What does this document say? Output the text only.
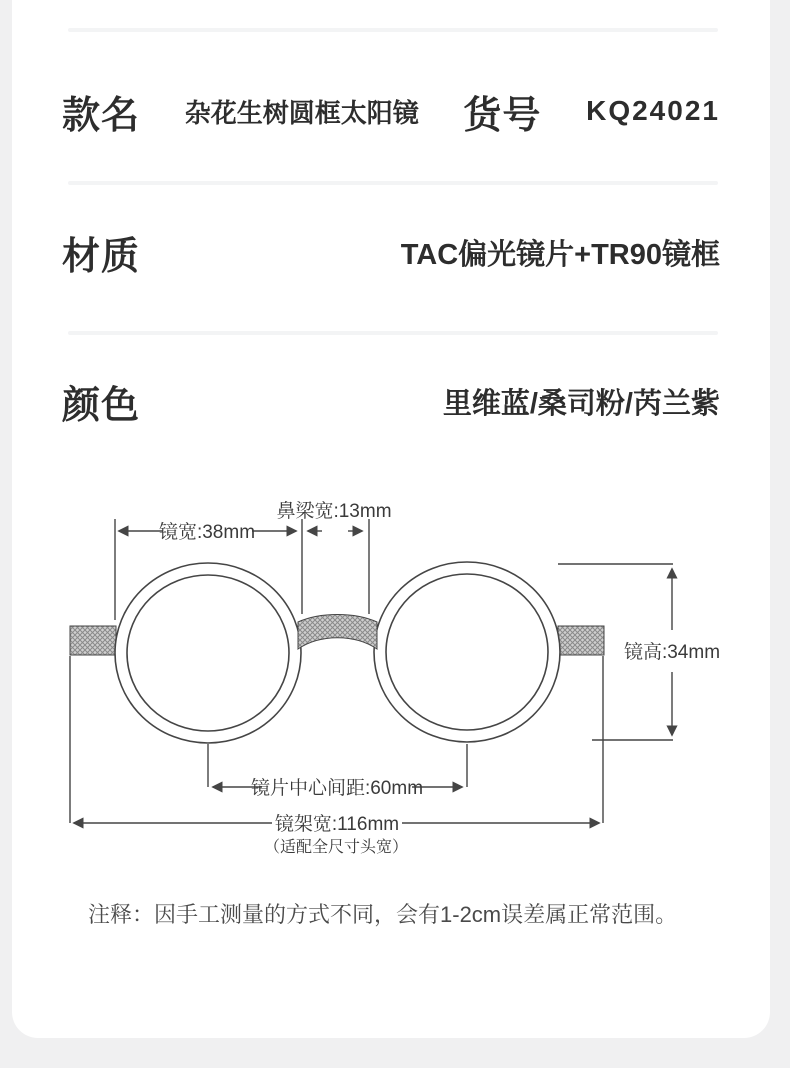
款名 杂花生树圆框太阳镜 货号 KQ24021
材质	TAC偏光镜片+TR90镜框
颜色	里维蓝/桑司粉/芮兰紫
镜宽:38mm
鼻梁宽:13mm
镜高:34mm
镜片中心间距:60mm
镜架宽:116mm
（适配全尺寸头宽）
注释：因手工测量的方式不同，会有1-2cm误差属正常范围。
